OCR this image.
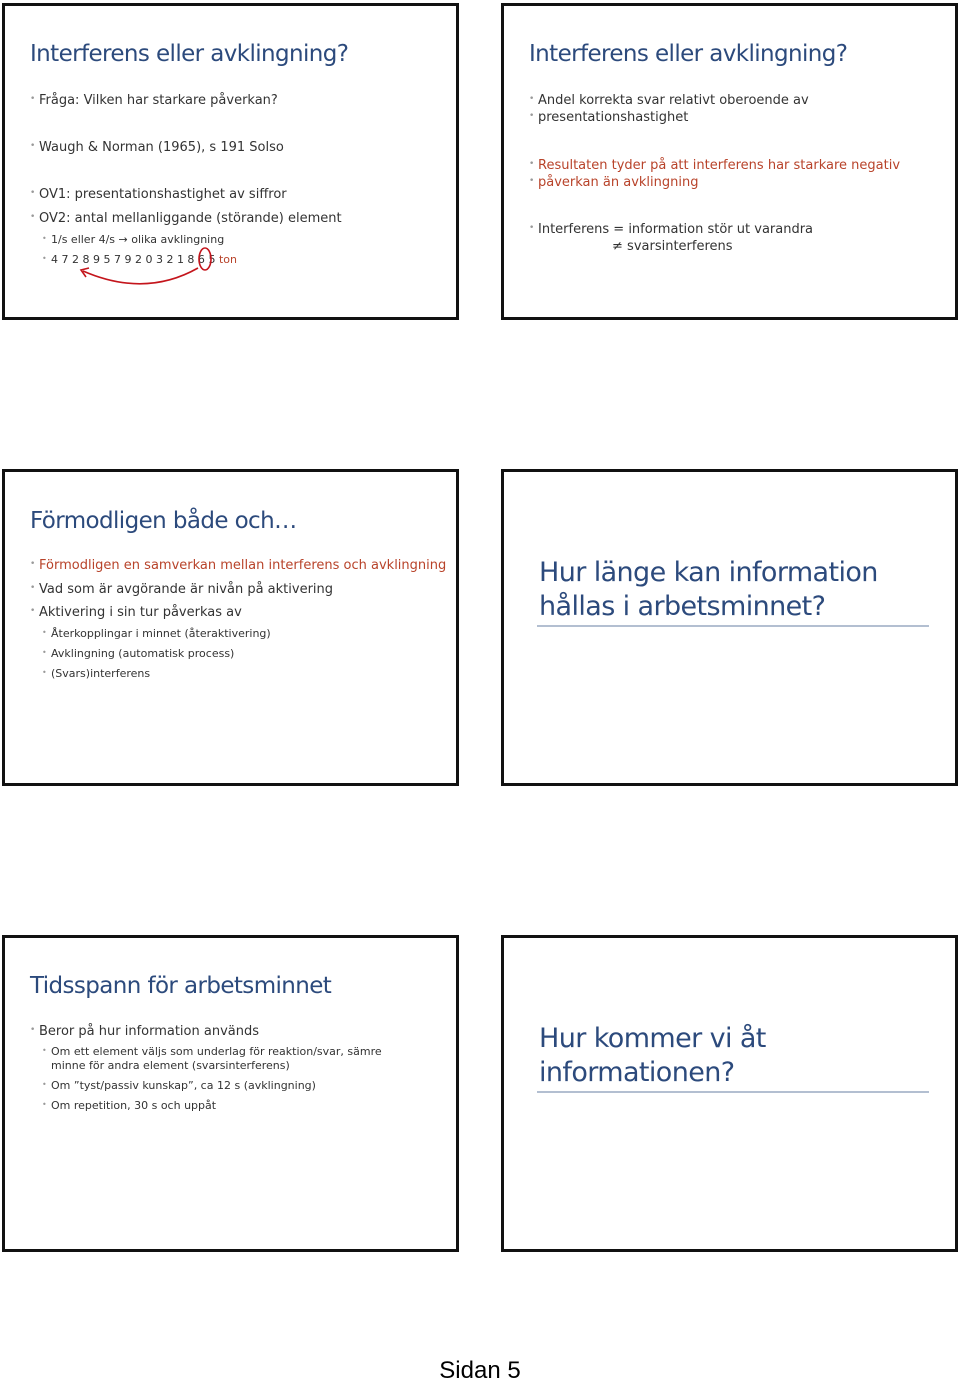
Interferens eller avklingning?
• Fråga: Vilken har starkare påverkan?
• Waugh & Norman (1965), s 191 Solso
• OV1: presentationshastighet av siffror
• OV2: antal mellanliggande (störande) element
• 1/s eller 4/s → olika avklingning
• 4 7 2 8 9 5 7 9 2 0 3 2 1 8 6 5 ton
Interferens eller avklingning?
• Andel korrekta svar relativt oberoende av
• presentationshastighet
• Resultaten tyder på att interferens har starkare negativ
• påverkan än avklingning
• Interferens = information stör ut varandra
≠ svarsinterferens
Förmodligen både och…
• Förmodligen en samverkan mellan interferens och avklingning
• Vad som är avgörande är nivån på aktivering
• Aktivering i sin tur påverkas av
• Återkopplingar i minnet (återaktivering)
• Avklingning (automatisk process)
• (Svars)interferens
Hur länge kan information
hållas i arbetsminnet?
Tidsspann för arbetsminnet
• Beror på hur information används
• Om ett element väljs som underlag för reaktion/svar, sämre minne för andra element (svarsinterferens)
• Om ”tyst/passiv kunskap”, ca 12 s (avklingning)
• Om repetition, 30 s och uppåt
Hur kommer vi åt
informationen?
Sidan 5
